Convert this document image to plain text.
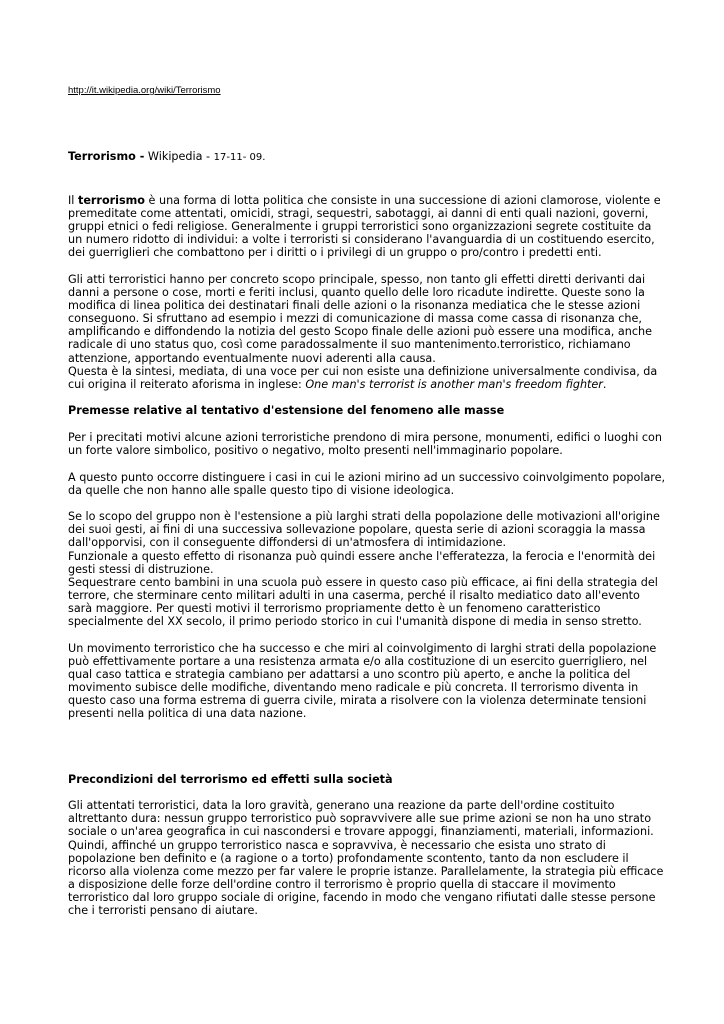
http://it.wikipedia.org/wiki/Terrorismo
Terrorismo - Wikipedia - 17-11- 09.

Il terrorismo è una forma di lotta politica che consiste in una successione di azioni clamorose, violente e premeditate come attentati, omicidi, stragi, sequestri, sabotaggi, ai danni di enti quali nazioni, governi, gruppi etnici o fedi religiose. Generalmente i gruppi terroristici sono organizzazioni segrete costituite da un numero ridotto di individui: a volte i terroristi si considerano l'avanguardia di un costituendo esercito, dei guerriglieri che combattono per i diritti o i privilegi di un gruppo o pro/contro i predetti enti.

Gli atti terroristici hanno per concreto scopo principale, spesso, non tanto gli effetti diretti derivanti dai danni a persone o cose, morti e feriti inclusi, quanto quello delle loro ricadute indirette. Queste sono la modifica di linea politica dei destinatari finali delle azioni o la risonanza mediatica che le stesse azioni conseguono. Si sfruttano ad esempio i mezzi di comunicazione di massa come cassa di risonanza che, amplificando e diffondendo la notizia del gesto Scopo finale delle azioni può essere una modifica, anche radicale di uno status quo, così come paradossalmente il suo mantenimento.terroristico, richiamano attenzione, apportando eventualmente nuovi aderenti alla causa.
Questa è la sintesi, mediata, di una voce per cui non esiste una definizione universalmente condivisa, da cui origina il reiterato aforisma in inglese: One man's terrorist is another man's freedom fighter.

Premesse relative al tentativo d'estensione del fenomeno alle masse

Per i precitati motivi alcune azioni terroristiche prendono di mira persone, monumenti, edifici o luoghi con un forte valore simbolico, positivo o negativo, molto presenti nell'immaginario popolare.

A questo punto occorre distinguere i casi in cui le azioni mirino ad un successivo coinvolgimento popolare, da quelle che non hanno alle spalle questo tipo di visione ideologica.

Se lo scopo del gruppo non è l'estensione a più larghi strati della popolazione delle motivazioni all'origine dei suoi gesti, ai fini di una successiva sollevazione popolare, questa serie di azioni scoraggia la massa dall'opporvisi, con il conseguente diffondersi di un'atmosfera di intimidazione.
Funzionale a questo effetto di risonanza può quindi essere anche l'efferatezza, la ferocia e l'enormità dei gesti stessi di distruzione.
Sequestrare cento bambini in una scuola può essere in questo caso più efficace, ai fini della strategia del terrore, che sterminare cento militari adulti in una caserma, perché il risalto mediatico dato all'evento sarà maggiore. Per questi motivi il terrorismo propriamente detto è un fenomeno caratteristico specialmente del XX secolo, il primo periodo storico in cui l'umanità dispone di media in senso stretto.

Un movimento terroristico che ha successo e che miri al coinvolgimento di larghi strati della popolazione può effettivamente portare a una resistenza armata e/o alla costituzione di un esercito guerrigliero, nel qual caso tattica e strategia cambiano per adattarsi a uno scontro più aperto, e anche la politica del movimento subisce delle modifiche, diventando meno radicale e più concreta. Il terrorismo diventa in questo caso una forma estrema di guerra civile, mirata a risolvere con la violenza determinate tensioni presenti nella politica di una data nazione.

Precondizioni del terrorismo ed effetti sulla società

Gli attentati terroristici, data la loro gravità, generano una reazione da parte dell'ordine costituito altrettanto dura: nessun gruppo terroristico può sopravvivere alle sue prime azioni se non ha uno strato sociale o un'area geografica in cui nascondersi e trovare appoggi, finanziamenti, materiali, informazioni. Quindi, affinché un gruppo terroristico nasca e sopravviva, è necessario che esista uno strato di popolazione ben definito e (a ragione o a torto) profondamente scontento, tanto da non escludere il ricorso alla violenza come mezzo per far valere le proprie istanze. Parallelamente, la strategia più efficace a disposizione delle forze dell'ordine contro il terrorismo è proprio quella di staccare il movimento terroristico dal loro gruppo sociale di origine, facendo in modo che vengano rifiutati dalle stesse persone che i terroristi pensano di aiutare.
